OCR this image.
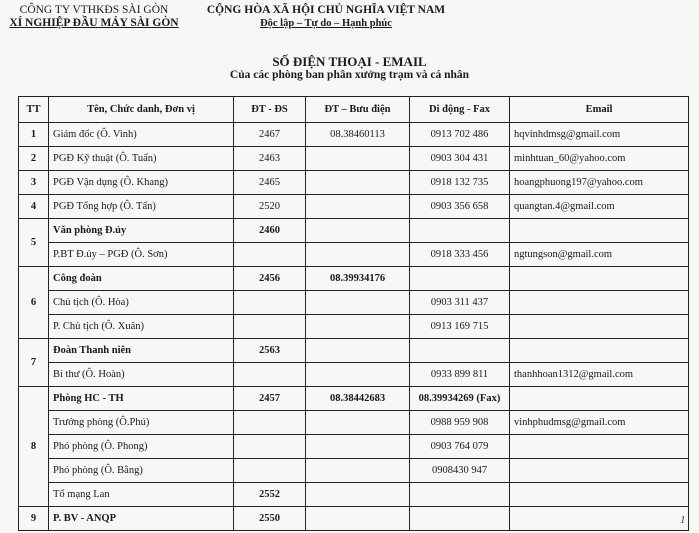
CÔNG TY VTHKĐS SÀI GÒN
XÍ NGHIỆP ĐẦU MÁY SÀI GÒN
CỘNG HÒA XÃ HỘI CHỦ NGHĨA VIỆT NAM
Độc lập – Tự do – Hạnh phúc
SỐ ĐIỆN THOẠI - EMAIL
Của các phòng ban phân xưởng trạm và cá nhân
TT	Tên, Chức danh, Đơn vị	ĐT - ĐS	ĐT – Bưu điện	Di động - Fax	Email
1	Giám đốc (Ô. Vinh)	2467	08.38460113	0913 702 486	hqvinhdmsg@gmail.com
2	PGĐ Kỹ thuật (Ô. Tuấn)	2463		0903 304 431	minhtuan_60@yahoo.com
3	PGĐ Vận dụng (Ô. Khang)	2465		0918 132 735	hoangphuong197@yahoo.com
4	PGĐ Tổng hợp (Ô. Tấn)	2520		0903 356 658	quangtan.4@gmail.com
5	Văn phòng Đ.ủy	2460			
	P.BT Đ.ủy – PGĐ (Ô. Sơn)			0918 333 456	ngtungson@gmail.com
6	Công đoàn	2456	08.39934176		
	Chủ tịch (Ô. Hòa)			0903 311 437	
	P. Chủ tịch (Ô. Xuân)			0913 169 715	
7	Đoàn Thanh niên	2563			
	Bí thư (Ô. Hoàn)			0933 899 811	thanhhoan1312@gmail.com
8	Phòng HC - TH	2457	08.38442683	08.39934269 (Fax)	
	Trưởng phòng (Ô.Phú)			0988 959 908	vinhphudmsg@gmail.com
	Phó phòng (Ô. Phong)			0903 764 079	
	Phó phòng (Ô. Bằng)			0908430 947	
	Tổ mạng Lan	2552			
9	P. BV - ANQP	2550				1
